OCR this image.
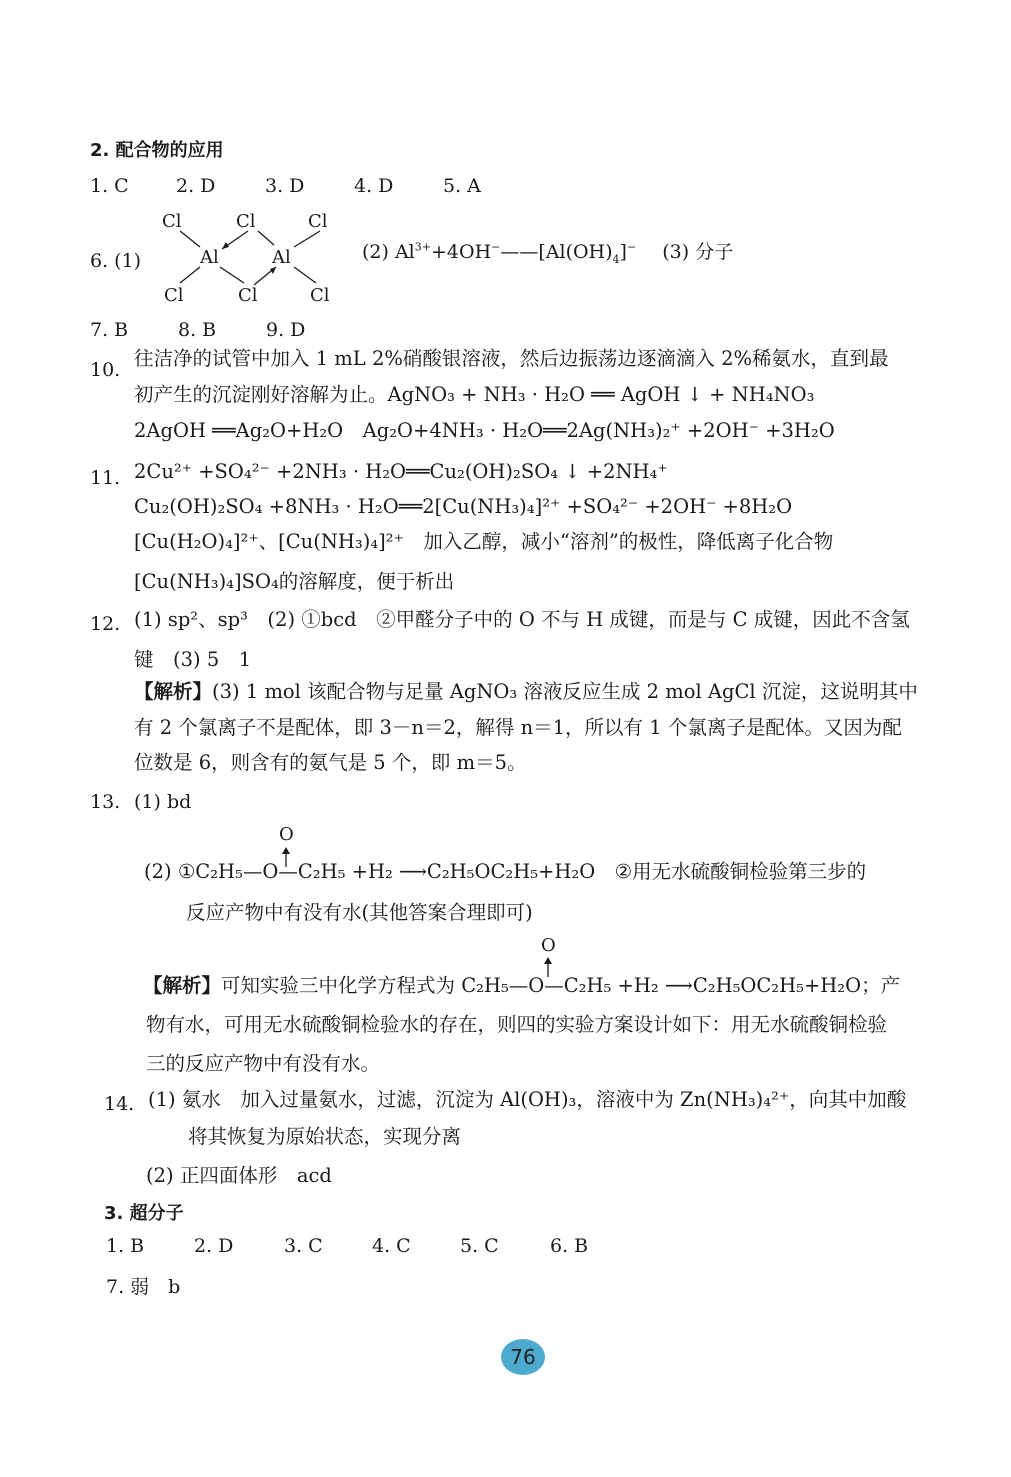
2. 配合物的应用
1. C 2. D	3. D	4. D	5. A
6. (1)
Cl	Cl	Cl
Al	Al
Cl	Cl	Cl
(2) $Al^{3+}+4OH^-——[Al(OH)_4]^-$ (3) 分子
7. B	8. B	9. D
10. 往洁净的试管中加入 1 mL 2%硝酸银溶液，然后边振荡边逐滴滴入 2%稀氨水，直到最
初产生的沉淀刚好溶解为止。AgNO₃ + NH₃ · H₂O ══ AgOH ↓ + NH₄NO₃
2AgOH ══Ag₂O+H₂O　Ag₂O+4NH₃ · H₂O══2Ag(NH₃)₂⁺ +2OH⁻ +3H₂O
11. 2Cu²⁺ +SO₄²⁻ +2NH₃ · H₂O══Cu₂(OH)₂SO₄ ↓ +2NH₄⁺
Cu₂(OH)₂SO₄ +8NH₃ · H₂O══2[Cu(NH₃)₄]²⁺ +SO₄²⁻ +2OH⁻ +8H₂O
[Cu(H₂O)₄]²⁺、[Cu(NH₃)₄]²⁺　加入乙醇，减小“溶剂”的极性，降低离子化合物
[Cu(NH₃)₄]SO₄的溶解度，便于析出
12. (1) sp²、sp³　(2) ①bcd　②甲醛分子中的 O 不与 H 成键，而是与 C 成键，因此不含氢
键　(3) 5　1
【解析】(3) 1 mol 该配合物与足量 AgNO₃ 溶液反应生成 2 mol AgCl 沉淀，这说明其中
有 2 个氯离子不是配体，即 3－n＝2，解得 n＝1，所以有 1 个氯离子是配体。又因为配
位数是 6，则含有的氨气是 5 个，即 m＝5。
13. (1) bd
O
(2) ①C₂H₅—O—C₂H₅ +H₂ ⟶C₂H₅OC₂H₅+H₂O　②用无水硫酸铜检验第三步的
反应产物中有没有水(其他答案合理即可)
O
【解析】可知实验三中化学方程式为 C₂H₅—O—C₂H₅ +H₂ ⟶C₂H₅OC₂H₅+H₂O；产
物有水，可用无水硫酸铜检验水的存在，则四的实验方案设计如下：用无水硫酸铜检验
三的反应产物中有没有水。
14. (1) 氨水　加入过量氨水，过滤，沉淀为 Al(OH)₃，溶液中为 Zn(NH₃)₄²⁺，向其中加酸
将其恢复为原始状态，实现分离
(2) 正四面体形　acd
3. 超分子
1. B	2. D	3. C	4. C	5. C	6. B
7. 弱　b
76
